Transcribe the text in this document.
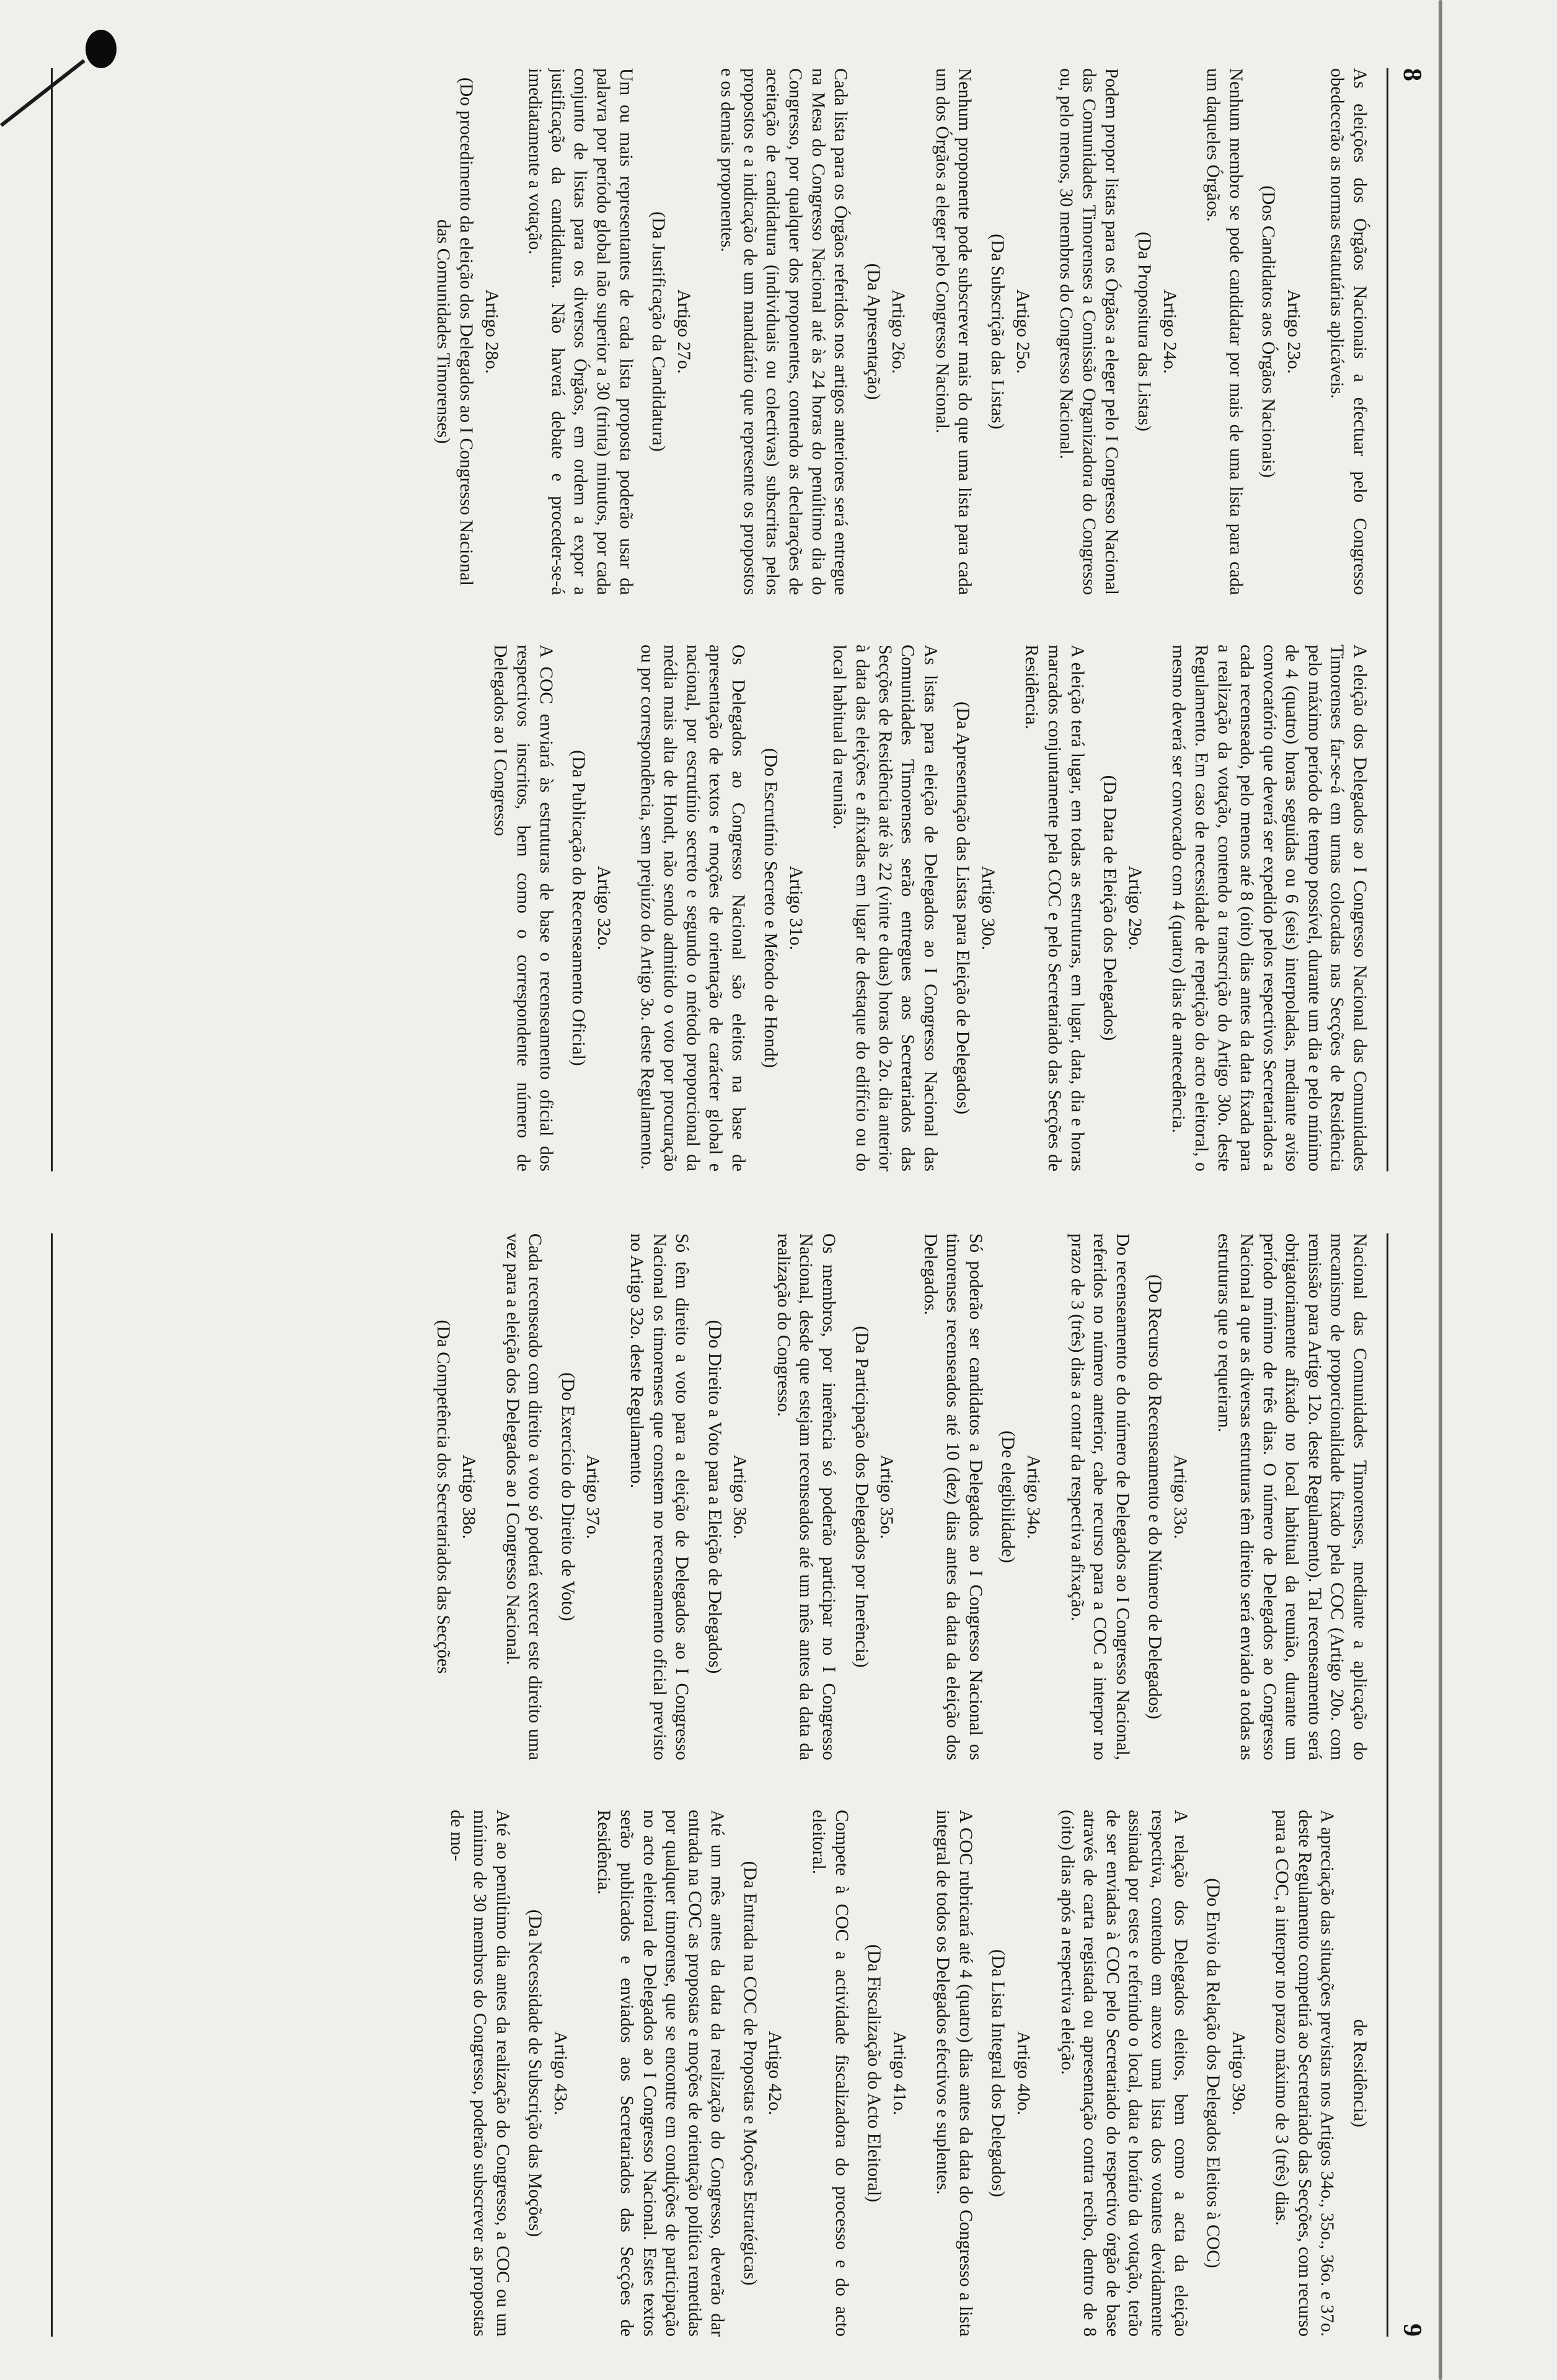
8

As eleições dos Órgãos Nacionais a efectuar pelo Congresso obedecerão as normas estatutárias aplicáveis.

Artigo 23o.
(Dos Candidatos aos Órgãos Nacionais)

Nenhum membro se pode candidatar por mais de uma lista para cada um daqueles Órgãos.

Artigo 24o.
(Da Propositura das Listas)

Podem propor listas para os Órgãos a eleger pelo I Congresso Nacional das Comunidades Timorenses a Comissão Organizadora do Congresso ou, pelo menos, 30 membros do Congresso Nacional.

Artigo 25o.
(Da Subscrição das Listas)

Nenhum proponente pode subscrever mais do que uma lista para cada um dos Órgãos a eleger pelo Congresso Nacional.

Artigo 26o.
(Da Apresentação)

Cada lista para os Órgãos referidos nos artigos anteriores será entregue na Mesa do Congresso Nacional até às 24 horas do penúltimo dia do Congresso, por qualquer dos proponentes, contendo as declarações de aceitação de candidatura (individuais ou colectivas) subscritas pelos propostos e a indicação de um mandatário que represente os propostos e os demais proponentes.

Artigo 27o.
(Da Justificação da Candidatura)

Um ou mais representantes de cada lista proposta poderão usar da palavra por período global não superior a 30 (trinta) minutos, por cada conjunto de listas para os diversos Órgãos, em ordem a expor a justificação da candidatura. Não haverá debate e proceder-se-á imediatamente a votação.

Artigo 28o.
(Do procedimento da eleição dos Delegados ao I Congresso Nacional das Comunidades Timorenses)

A eleição dos Delegados ao I Congresso Nacional das Comunidades Timorenses far-se-á em urnas colocadas nas Secções de Residência pelo máximo período de tempo possível, durante um dia e pelo mínimo de 4 (quatro) horas seguidas ou 6 (seis) interpoladas, mediante aviso convocatório que deverá ser expedido pelos respectivos Secretariados a cada recenseado, pelo menos até 8 (oito) dias antes da data fixada para a realização da votação, contendo a transcrição do Artigo 30o. deste Regulamento. Em caso de necessidade de repetição do acto eleitoral, o mesmo deverá ser convocado com 4 (quatro) dias de antecedência.

Artigo 29o.
(Da Data de Eleição dos Delegados)

A eleição terá lugar, em todas as estruturas, em lugar, data, dia e horas marcados conjuntamente pela COC e pelo Secretariado das Secções de Residência.

Artigo 30o.
(Da Apresentação das Listas para Eleição de Delegados)

As listas para eleição de Delegados ao I Congresso Nacional das Comunidades Timorenses serão entregues aos Secretariados das Secções de Residência até às 22 (vinte e duas) horas do 2o. dia anterior à data das eleições e afixadas em lugar de destaque do edifício ou do local habitual da reunião.

Artigo 31o.
(Do Escrutínio Secreto e Método de Hondt)

Os Delegados ao Congresso Nacional são eleitos na base de apresentação de textos e moções de orientação de carácter global e nacional, por escrutínio secreto e segundo o método proporcional da média mais alta de Hondt, não sendo admitido o voto por procuração ou por correspondência, sem prejuízo do Artigo 3o. deste Regulamento.

Artigo 32o.
(Da Publicação do Recenseamento Oficial)

A COC enviará às estruturas de base o recenseamento oficial dos respectivos inscritos, bem como o correspondente número de Delegados ao I Congresso

9

Nacional das Comunidades Timorenses, mediante a aplicação do mecanismo de proporcionalidade fixado pela COC (Artigo 20o. com remissão para Artigo 12o. deste Regulamento). Tal recenseamento será obrigatoriamente afixado no local habitual da reunião, durante um período mínimo de três dias. O número de Delegados ao Congresso Nacional a que as diversas estruturas têm direito será enviado a todas as estruturas que o requeiram.

Artigo 33o.
(Do Recurso do Recenseamento e do Número de Delegados)

Do recenseamento e do número de Delegados ao I Congresso Nacional, referidos no número anterior, cabe recurso para a COC a interpor no prazo de 3 (três) dias a contar da respectiva afixação.

Artigo 34o.
(De elegibilidade)

Só poderão ser candidatos a Delegados ao I Congresso Nacional os timorenses recenseados até 10 (dez) dias antes da data da eleição dos Delegados.

Artigo 35o.
(Da Participação dos Delegados por Inerência)

Os membros, por inerência só poderão participar no I Congresso Nacional, desde que estejam recenseados até um mês antes da data da realização do Congresso.

Artigo 36o.
(Do Direito a Voto para a Eleição de Delegados)

Só têm direito a voto para a eleição de Delegados ao I Congresso Nacional os timorenses que constem no recenseamento oficial previsto no Artigo 32o. deste Regulamento.

Artigo 37o.
(Do Exercício do Direito de Voto)

Cada recenseado com direito a voto só poderá exercer este direito uma vez para a eleição dos Delegados ao I Congresso Nacional.

Artigo 38o.
(Da Competência dos Secretariados das Secções
de Residência)

A apreciação das situações previstas nos Artigos 34o., 35o., 36o. e 37o. deste Regulamento competirá ao Secretariado das Secções, com recurso para a COC, a interpor no prazo máximo de 3 (três) dias.

Artigo 39o.
(Do Envio da Relação dos Delegados Eleitos à COC)

A relação dos Delegados eleitos, bem como a acta da eleição respectiva, contendo em anexo uma lista dos votantes devidamente assinada por estes e referindo o local, data e horário da votação, terão de ser enviadas à COC pelo Secretariado do respectivo órgão de base através de carta registada ou apresentação contra recibo, dentro de 8 (oito) dias após a respectiva eleição.

Artigo 40o.
(Da Lista Integral dos Delegados)

A COC rubricará até 4 (quatro) dias antes da data do Congresso a lista integral de todos os Delegados efectivos e suplentes.

Artigo 41o.
(Da Fiscalização do Acto Eleitoral)

Compete à COC a actividade fiscalizadora do processo e do acto eleitoral.

Artigo 42o.
(Da Entrada na COC de Propostas e Moções Estratégicas)

Até um mês antes da data da realização do Congresso, deverão dar entrada na COC as propostas e moções de orientação política remetidas por qualquer timorense, que se encontre em condições de participação no acto eleitoral de Delegados ao I Congresso Nacional. Estes textos serão publicados e enviados aos Secretariados das Secções de Residência.

Artigo 43o.
(Da Necessidade de Subscrição das Moções)

Até ao penúltimo dia antes da realização do Congresso, a COC ou um mínimo de 30 membros do Congresso, poderão subscrever as propostas de mo-
